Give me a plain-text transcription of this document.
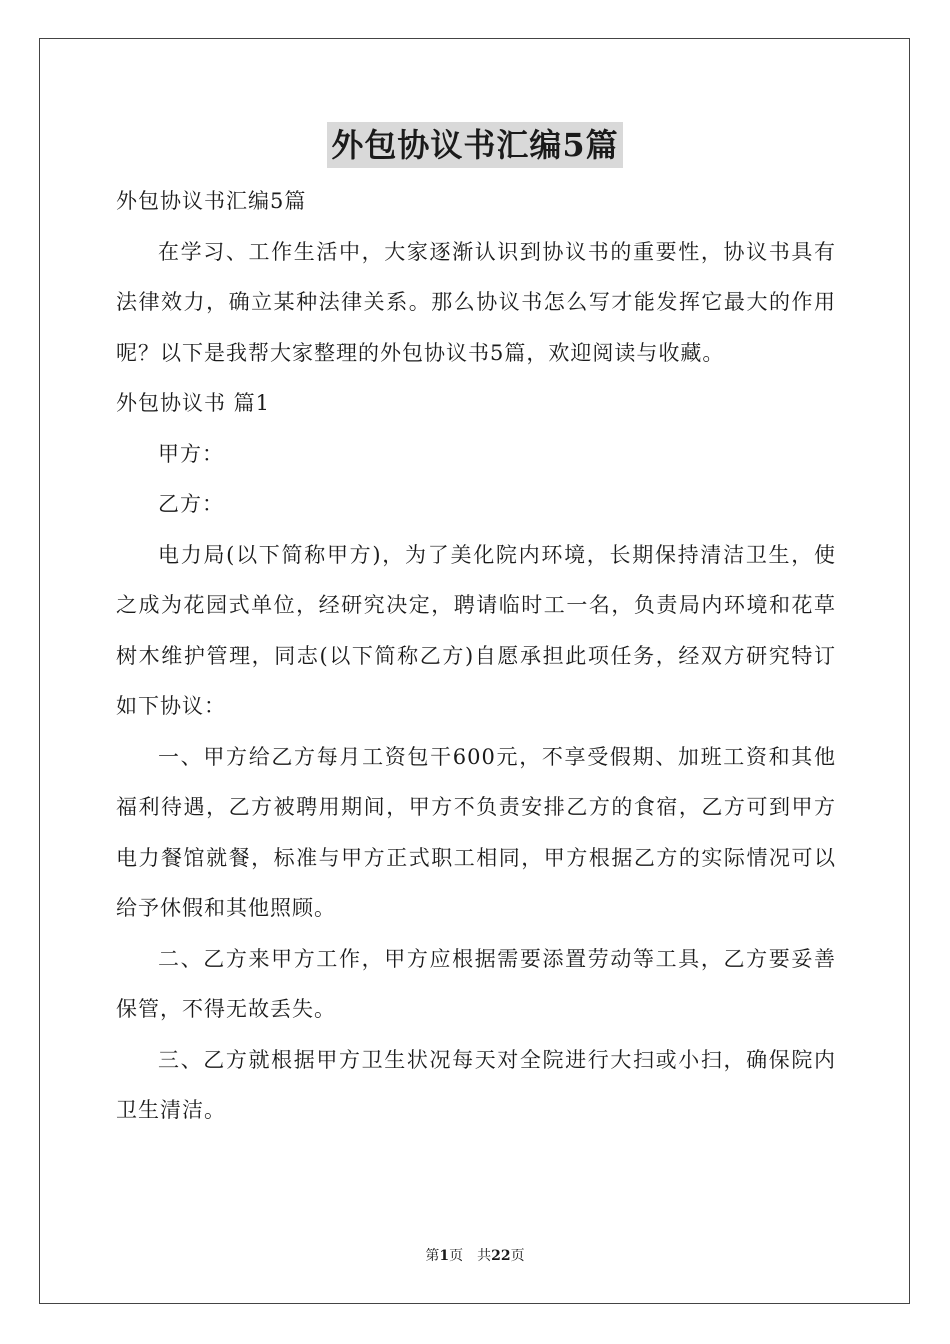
外包协议书汇编5篇

外包协议书汇编5篇

在学习、工作生活中，大家逐渐认识到协议书的重要性，协议书具有法律效力，确立某种法律关系。那么协议书怎么写才能发挥它最大的作用呢？以下是我帮大家整理的外包协议书5篇，欢迎阅读与收藏。

外包协议书 篇1

甲方：

乙方：

电力局(以下简称甲方)，为了美化院内环境，长期保持清洁卫生，使之成为花园式单位，经研究决定，聘请临时工一名，负责局内环境和花草树木维护管理，同志(以下简称乙方)自愿承担此项任务，经双方研究特订如下协议：

一、甲方给乙方每月工资包干600元，不享受假期、加班工资和其他福利待遇，乙方被聘用期间，甲方不负责安排乙方的食宿，乙方可到甲方电力餐馆就餐，标准与甲方正式职工相同，甲方根据乙方的实际情况可以给予休假和其他照顾。

二、乙方来甲方工作，甲方应根据需要添置劳动等工具，乙方要妥善保管，不得无故丢失。

三、乙方就根据甲方卫生状况每天对全院进行大扫或小扫，确保院内卫生清洁。

第1页　共22页
